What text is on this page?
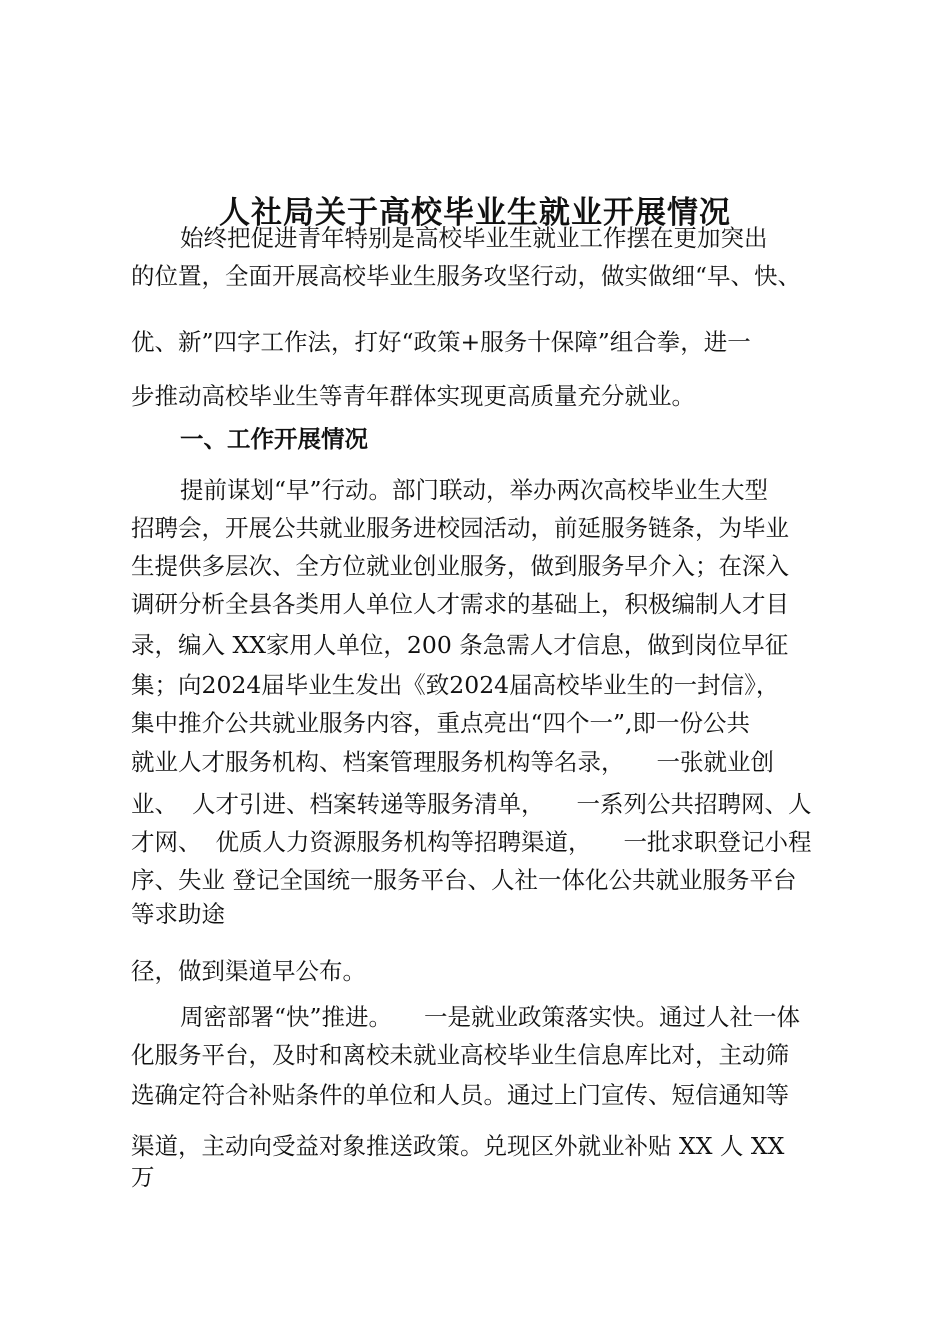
人社局关于高校毕业生就业开展情况
始终把促进青年特别是高校毕业生就业工作摆在更加突出
的位置，全面开展高校毕业生服务攻坚行动，做实做细“早、快、
优、新”四字工作法，打好“政策+服务十保障”组合拳，进一
步推动高校毕业生等青年群体实现更高质量充分就业。
一、工作开展情况
提前谋划“早”行动。部门联动，举办两次高校毕业生大型
招聘会，开展公共就业服务进校园活动，前延服务链条，为毕业
生提供多层次、全方位就业创业服务，做到服务早介入；在深入
调研分析全县各类用人单位人才需求的基础上，积极编制人才目
录，编入 XX家用人单位，200 条急需人才信息，做到岗位早征
集；向2024届毕业生发出《致2024届高校毕业生的一封信》，
集中推介公共就业服务内容，重点亮出“四个一”,即一份公共
就业人才服务机构、档案管理服务机构等名录， 一张就业创
业、 人才引进、档案转递等服务清单， 一系列公共招聘网、人
才网、 优质人力资源服务机构等招聘渠道， 一批求职登记小程
序、失业 登记全国统一服务平台、人社一体化公共就业服务平台
等求助途
径，做到渠道早公布。
周密部署“快”推进。 一是就业政策落实快。通过人社一体
化服务平台，及时和离校未就业高校毕业生信息库比对，主动筛
选确定符合补贴条件的单位和人员。通过上门宣传、短信通知等
渠道，主动向受益对象推送政策。兑现区外就业补贴 XX 人 XX
万
